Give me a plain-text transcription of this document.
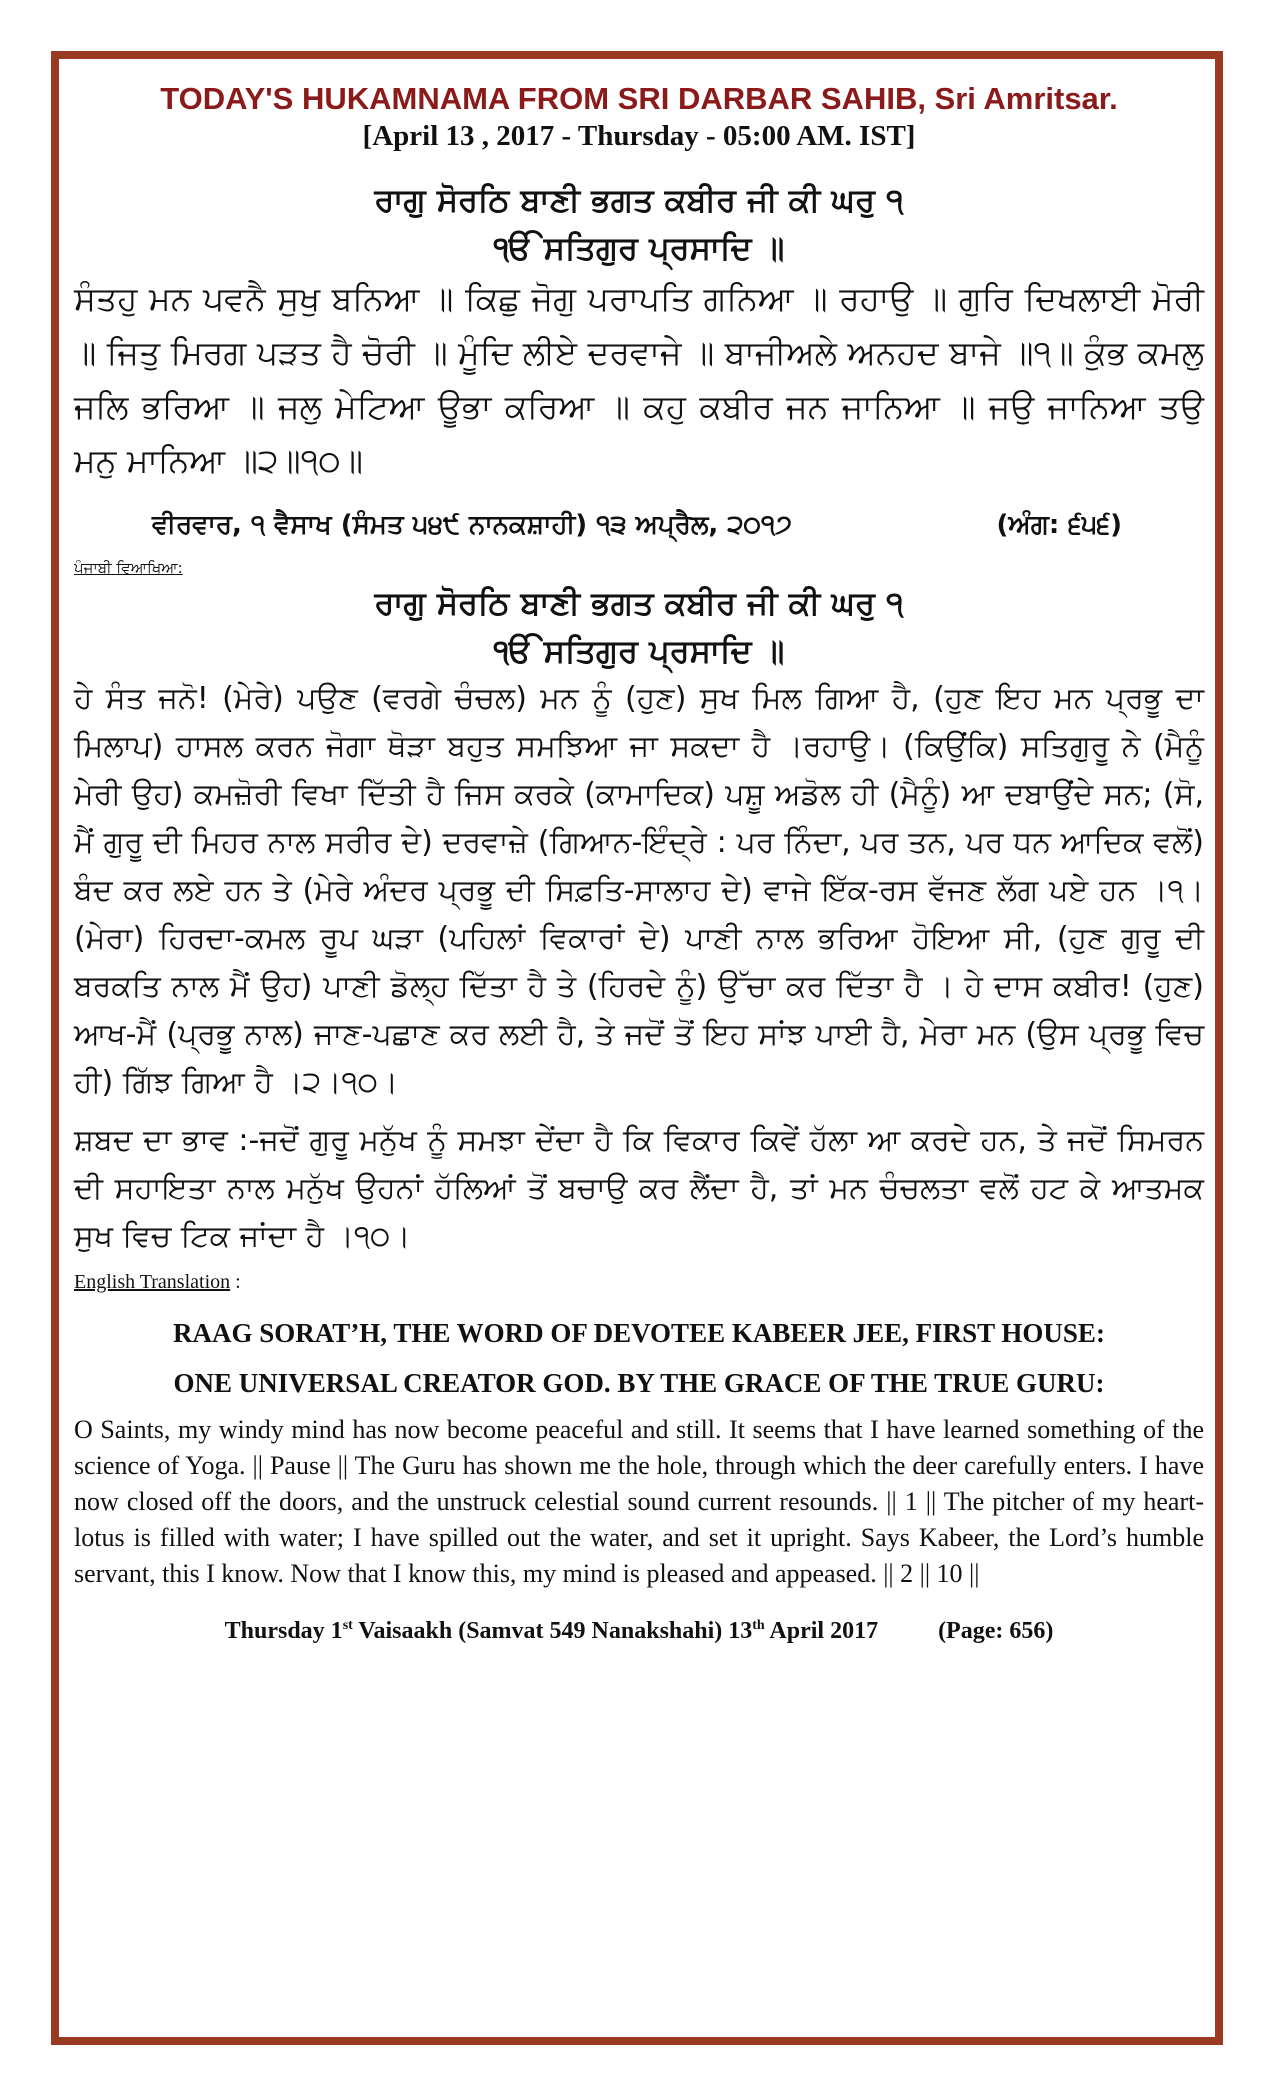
TODAY'S HUKAMNAMA FROM SRI DARBAR SAHIB, Sri Amritsar.

[April 13 , 2017 - Thursday - 05:00 AM. IST]

ਰਾਗੁ ਸੋਰਠਿ ਬਾਣੀ ਭਗਤ ਕਬੀਰ ਜੀ ਕੀ ਘਰੁ ੧

ੴ ਸਤਿਗੁਰ ਪ੍ਰਸਾਦਿ ॥

ਸੰਤਹੁ ਮਨ ਪਵਨੈ ਸੁਖੁ ਬਨਿਆ ॥ ਕਿਛੁ ਜੋਗੁ ਪਰਾਪਤਿ ਗਨਿਆ ॥ ਰਹਾਉ ॥ ਗੁਰਿ ਦਿਖਲਾਈ ਮੋਰੀ ॥ ਜਿਤੁ ਮਿਰਗ ਪੜਤ ਹੈ ਚੋਰੀ ॥ ਮੂੰਦਿ ਲੀਏ ਦਰਵਾਜੇ ॥ ਬਾਜੀਅਲੇ ਅਨਹਦ ਬਾਜੇ ॥੧॥ ਕੁੰਭ ਕਮਲੁ ਜਲਿ ਭਰਿਆ ॥ ਜਲੁ ਮੇਟਿਆ ਊਭਾ ਕਰਿਆ ॥ ਕਹੁ ਕਬੀਰ ਜਨ ਜਾਨਿਆ ॥ ਜਉ ਜਾਨਿਆ ਤਉ ਮਨੁ ਮਾਨਿਆ ॥੨॥੧੦॥

ਵੀਰਵਾਰ, ੧ ਵੈਸਾਖ (ਸੰਮਤ ੫੪੯ ਨਾਨਕਸ਼ਾਹੀ) ੧੩ ਅਪ੍ਰੈਲ, ੨੦੧੭	(ਅੰਗ: ੬੫੬)

ਪੰਜਾਬੀ ਵਿਆਖਿਆ:

ਰਾਗੁ ਸੋਰਠਿ ਬਾਣੀ ਭਗਤ ਕਬੀਰ ਜੀ ਕੀ ਘਰੁ ੧

ੴ ਸਤਿਗੁਰ ਪ੍ਰਸਾਦਿ ॥

ਹੇ ਸੰਤ ਜਨੋ! (ਮੇਰੇ) ਪਉਣ (ਵਰਗੇ ਚੰਚਲ) ਮਨ ਨੂੰ (ਹੁਣ) ਸੁਖ ਮਿਲ ਗਿਆ ਹੈ, (ਹੁਣ ਇਹ ਮਨ ਪ੍ਰਭੂ ਦਾ ਮਿਲਾਪ) ਹਾਸਲ ਕਰਨ ਜੋਗਾ ਥੋੜਾ ਬਹੁਤ ਸਮਝਿਆ ਜਾ ਸਕਦਾ ਹੈ ।ਰਹਾਉ। (ਕਿਉਂਕਿ) ਸਤਿਗੁਰੂ ਨੇ (ਮੈਨੂੰ ਮੇਰੀ ਉਹ) ਕਮਜ਼ੋਰੀ ਵਿਖਾ ਦਿੱਤੀ ਹੈ ਜਿਸ ਕਰਕੇ (ਕਾਮਾਦਿਕ) ਪਸ਼ੂ ਅਡੋਲ ਹੀ (ਮੈਨੂੰ) ਆ ਦਬਾਉਂਦੇ ਸਨ; (ਸੋ, ਮੈਂ ਗੁਰੂ ਦੀ ਮਿਹਰ ਨਾਲ ਸਰੀਰ ਦੇ) ਦਰਵਾਜ਼ੇ (ਗਿਆਨ-ਇੰਦ੍ਰੇ : ਪਰ ਨਿੰਦਾ, ਪਰ ਤਨ, ਪਰ ਧਨ ਆਦਿਕ ਵਲੋਂ) ਬੰਦ ਕਰ ਲਏ ਹਨ ਤੇ (ਮੇਰੇ ਅੰਦਰ ਪ੍ਰਭੂ ਦੀ ਸਿਫ਼ਤਿ-ਸਾਲਾਹ ਦੇ) ਵਾਜੇ ਇੱਕ-ਰਸ ਵੱਜਣ ਲੱਗ ਪਏ ਹਨ ।੧। (ਮੇਰਾ) ਹਿਰਦਾ-ਕਮਲ ਰੂਪ ਘੜਾ (ਪਹਿਲਾਂ ਵਿਕਾਰਾਂ ਦੇ) ਪਾਣੀ ਨਾਲ ਭਰਿਆ ਹੋਇਆ ਸੀ, (ਹੁਣ ਗੁਰੂ ਦੀ ਬਰਕਤਿ ਨਾਲ ਮੈਂ ਉਹ) ਪਾਣੀ ਡੋਲ੍ਹ ਦਿੱਤਾ ਹੈ ਤੇ (ਹਿਰਦੇ ਨੂੰ) ਉੱਚਾ ਕਰ ਦਿੱਤਾ ਹੈ । ਹੇ ਦਾਸ ਕਬੀਰ! (ਹੁਣ) ਆਖ-ਮੈਂ (ਪ੍ਰਭੂ ਨਾਲ) ਜਾਣ-ਪਛਾਣ ਕਰ ਲਈ ਹੈ, ਤੇ ਜਦੋਂ ਤੋਂ ਇਹ ਸਾਂਝ ਪਾਈ ਹੈ, ਮੇਰਾ ਮਨ (ਉਸ ਪ੍ਰਭੂ ਵਿਚ ਹੀ) ਗਿੱਝ ਗਿਆ ਹੈ ।੨।੧੦।

ਸ਼ਬਦ ਦਾ ਭਾਵ :-ਜਦੋਂ ਗੁਰੂ ਮਨੁੱਖ ਨੂੰ ਸਮਝਾ ਦੇਂਦਾ ਹੈ ਕਿ ਵਿਕਾਰ ਕਿਵੇਂ ਹੱਲਾ ਆ ਕਰਦੇ ਹਨ, ਤੇ ਜਦੋਂ ਸਿਮਰਨ ਦੀ ਸਹਾਇਤਾ ਨਾਲ ਮਨੁੱਖ ਉਹਨਾਂ ਹੱਲਿਆਂ ਤੋਂ ਬਚਾਉ ਕਰ ਲੈਂਦਾ ਹੈ, ਤਾਂ ਮਨ ਚੰਚਲਤਾ ਵਲੋਂ ਹਟ ਕੇ ਆਤਮਕ ਸੁਖ ਵਿਚ ਟਿਕ ਜਾਂਦਾ ਹੈ ।੧੦।

English Translation :

RAAG SORAT’H, THE WORD OF DEVOTEE KABEER JEE, FIRST HOUSE:

ONE UNIVERSAL CREATOR GOD. BY THE GRACE OF THE TRUE GURU:

O Saints, my windy mind has now become peaceful and still. It seems that I have learned something of the science of Yoga. || Pause || The Guru has shown me the hole, through which the deer carefully enters. I have now closed off the doors, and the unstruck celestial sound current resounds. || 1 || The pitcher of my heart-lotus is filled with water; I have spilled out the water, and set it upright. Says Kabeer, the Lord’s humble servant, this I know. Now that I know this, my mind is pleased and appeased. || 2 || 10 ||

Thursday 1st Vaisaakh (Samvat 549 Nanakshahi) 13th April 2017	(Page: 656)
